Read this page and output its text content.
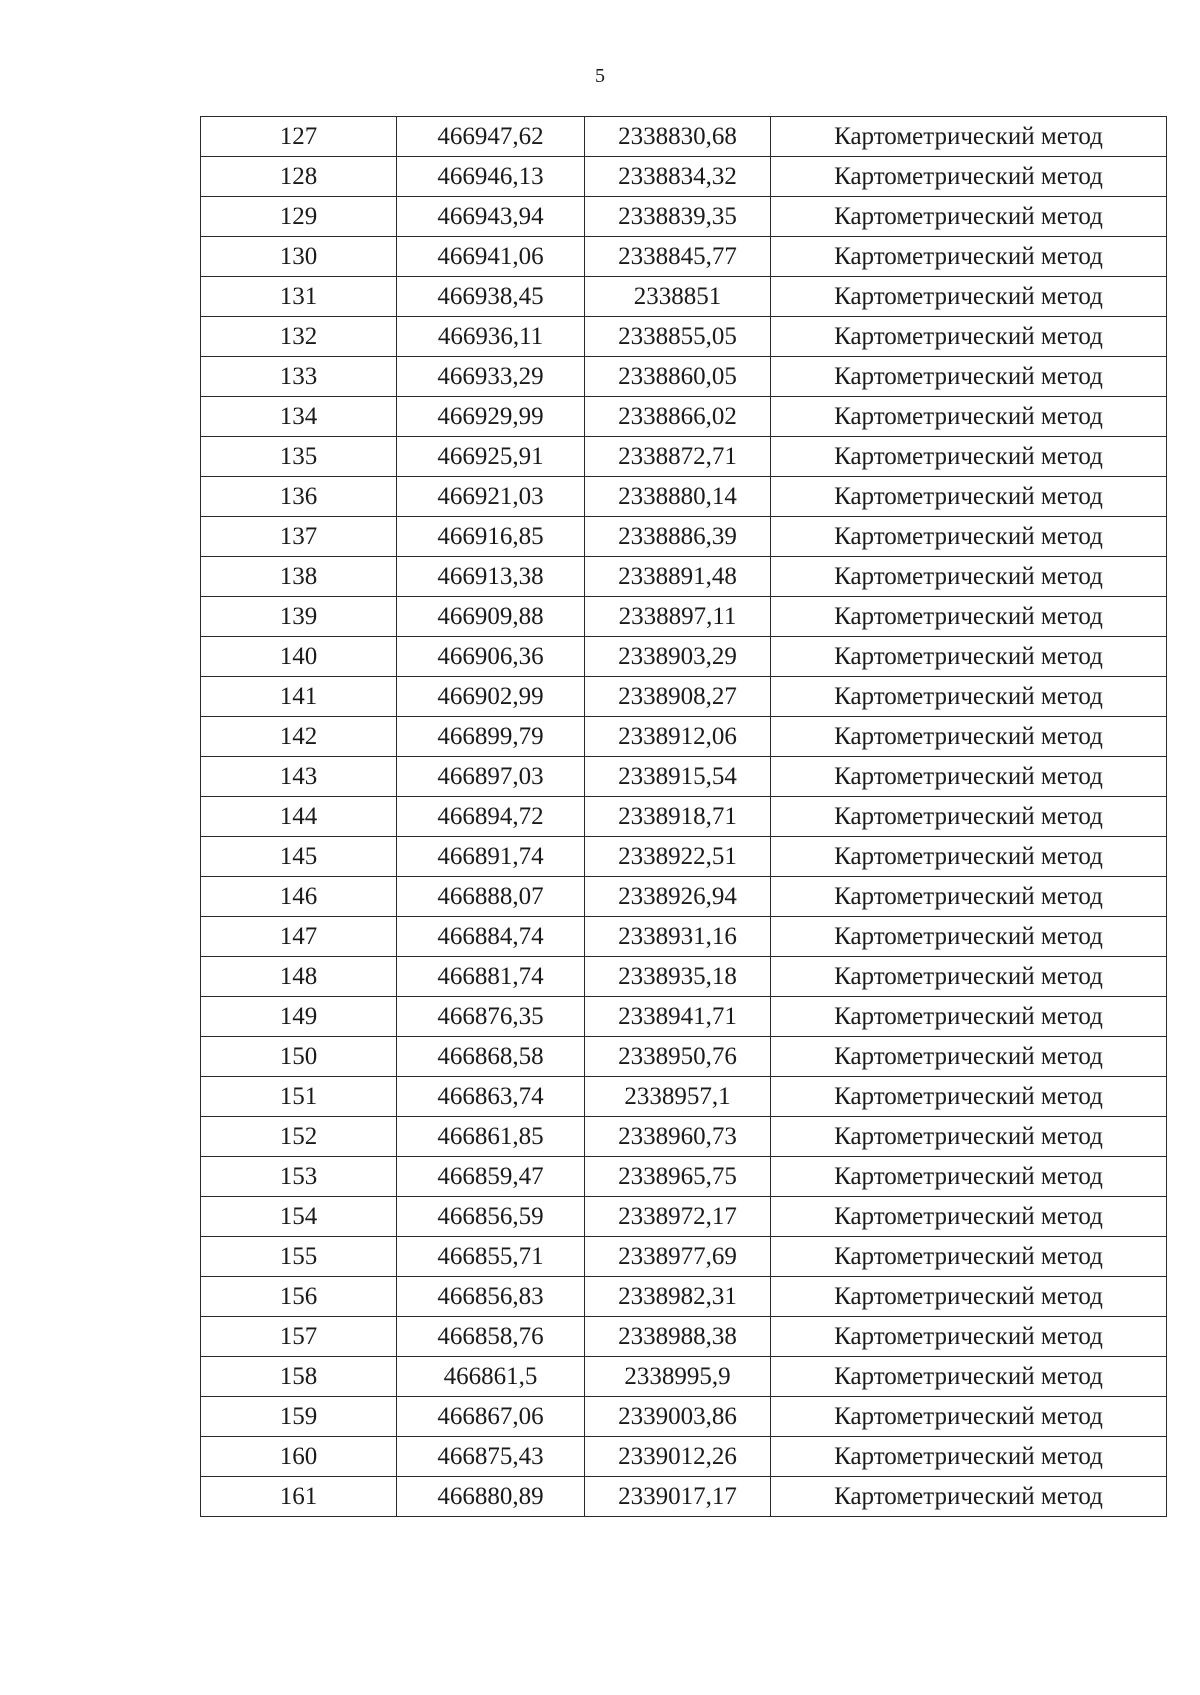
5
127	466947,62	2338830,68	Картометрический метод
128	466946,13	2338834,32	Картометрический метод
129	466943,94	2338839,35	Картометрический метод
130	466941,06	2338845,77	Картометрический метод
131	466938,45	2338851	Картометрический метод
132	466936,11	2338855,05	Картометрический метод
133	466933,29	2338860,05	Картометрический метод
134	466929,99	2338866,02	Картометрический метод
135	466925,91	2338872,71	Картометрический метод
136	466921,03	2338880,14	Картометрический метод
137	466916,85	2338886,39	Картометрический метод
138	466913,38	2338891,48	Картометрический метод
139	466909,88	2338897,11	Картометрический метод
140	466906,36	2338903,29	Картометрический метод
141	466902,99	2338908,27	Картометрический метод
142	466899,79	2338912,06	Картометрический метод
143	466897,03	2338915,54	Картометрический метод
144	466894,72	2338918,71	Картометрический метод
145	466891,74	2338922,51	Картометрический метод
146	466888,07	2338926,94	Картометрический метод
147	466884,74	2338931,16	Картометрический метод
148	466881,74	2338935,18	Картометрический метод
149	466876,35	2338941,71	Картометрический метод
150	466868,58	2338950,76	Картометрический метод
151	466863,74	2338957,1	Картометрический метод
152	466861,85	2338960,73	Картометрический метод
153	466859,47	2338965,75	Картометрический метод
154	466856,59	2338972,17	Картометрический метод
155	466855,71	2338977,69	Картометрический метод
156	466856,83	2338982,31	Картометрический метод
157	466858,76	2338988,38	Картометрический метод
158	466861,5	2338995,9	Картометрический метод
159	466867,06	2339003,86	Картометрический метод
160	466875,43	2339012,26	Картометрический метод
161	466880,89	2339017,17	Картометрический метод
